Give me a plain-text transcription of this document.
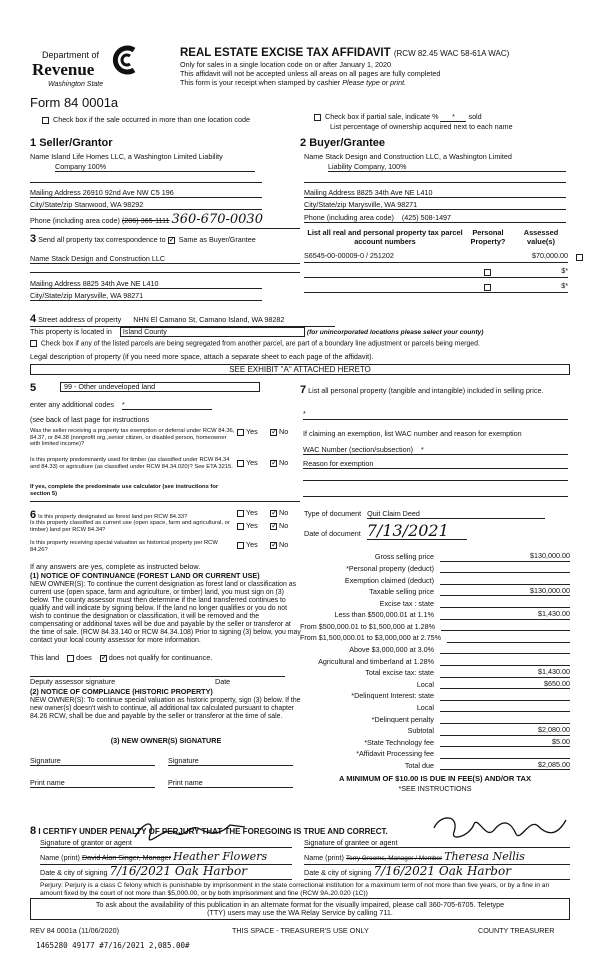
Department of
Revenue
Washington State
Form 84 0001a
REAL ESTATE EXCISE TAX AFFIDAVIT (RCW 82.45 WAC 58-61A WAC)
Only for sales in a single location code on or after January 1, 2020
This affidavit will not be accepted unless all areas on all pages are fully completed
This form is your receipt when stamped by cashier Please type or print.
Check box if the sale occurred in more than one location code	Check box if partial sale, indicate % * sold
List percentage of ownership acquired next to each name
1 Seller/Grantor
Name Island Life Homes LLC, a Washington Limited Liability
Company 100%
Mailing Address 26910 92nd Ave NW C5 196
City/State/zip Stanwood, WA 98292
Phone (including area code) (206) 365-1111 360-670-0030
2 Buyer/Grantee
Name Stack Design and Construction LLC, a Washington Limited
Liability Company, 100%
Mailing Address 8825 34th Ave NE L410
City/State/zip Marysville, WA 98271
Phone (including area code) (425) 508-1497
3 Send all property tax correspondence to ✓ Same as Buyer/Grantee
Name Stack Design and Construction LLC
Mailing Address 8825 34th Ave NE L410
City/State/zip Marysville, WA 98271
List all real and personal property tax parcel account numbers
Personal Property?
Assessed value(s)
S6545-00-00009-0 / 251202	$70,000.00
$*
$*
4 Street address of property NHN El Camano St, Camano Island, WA 98282
This property is located in Island County	(for unincorporated locations please select your county)
Check box if any of the listed parcels are being segregated from another parcel, are part of a boundary line adjustment or parcels being merged.
Legal description of property (if you need more space, attach a separate sheet to each page of the affidavit).
SEE EXHIBIT "A" ATTACHED HERETO
5	99 - Other undeveloped land
enter any additional codes *
(see back of last page for instructions
Was the seller receiving a property tax exemption or deferral under RCW 84.36, 84.37, or 84.38 (nonprofit org.,senior citizen, or disabled person, homeowner with limited income)?
Yes ✓	No
Is this property predominantly used for timber (as classified under RCW 84.34 and 84.33) or agriculture (as classified under RCW 84.34.020)? See ETA 3215.
If yes, complete the predominate use calculator (see instructions for section 5)
Yes ✓	No
7 List all personal property (tangible and intangible) included in selling price.
*
If claiming an exemption, list WAC number and reason for exemption
WAC Number (section/subsection) *
Reason for exemption
6 Is this property designated as forest land per RCW 84.33?	Yes ✓	No
Is this property classified as current use (open space, farm and agricultural, or timber) land per RCW 84.34?	Yes ✓	No
Is this property receiving special valuation as historical property per RCW 84.26?
Yes ✓	No
If any answers are yes, complete as instructed below.
(1) NOTICE OF CONTINUANCE (FOREST LAND OR CURRENT USE)
NEW OWNER(S): To continue the current designation as forest land or classification as current use (open space, farm and agriculture, or timber) land, you must sign on (3) below. The county assessor must then determine if the land transferred continues to qualify and will indicate by signing below. If the land no longer qualifies or you do not wish to continue the designation or classification, it will be removed and the compensating or additional taxes will be due and payable by the seller or transferor at the time of sale. (RCW 84.33.140 or RCW 84.34.108) Prior to signing (3) below, you may contact your local county assessor for more information.
This land does ✓ does not qualify for continuance.
Deputy assessor signature	Date
(2) NOTICE OF COMPLIANCE (HISTORIC PROPERTY)
NEW OWNER(S): To continue special valuation as historic property, sign (3) below. If the new owner(s) doesn't wish to continue, all additional tax calculated pursuant to chapter 84.26 RCW, shall be due and payable by the seller or transferor at the time of sale.
(3) NEW OWNER(S) SIGNATURE
Signature	Signature
Print name	Print name
Type of document Quit Claim Deed
Date of document 7/13/2021
Gross selling price	$130,000.00
*Personal property (deduct)
Exemption claimed (deduct)
Taxable selling price	$130,000.00
Excise tax : state
Less than $500,000.01 at 1.1%	$1,430.00
From $500,000.01 to $1,500,000 at 1.28%
From $1,500,000.01 to $3,000,000 at 2.75%
Above $3,000,000 at 3.0%
Agricultural and timberland at 1.28%
Total excise tax: state	$1,430.00
Local	$650.00
*Delinquent Interest: state
Local
*Delinquent penalty
Subtotal	$2,080.00
*State Technology fee	$5.00
*Affidavit Processing fee
Total due	$2,085.00
A MINIMUM OF $10.00 IS DUE IN FEE(S) AND/OR TAX
*SEE INSTRUCTIONS
8 I CERTIFY UNDER PENALTY OF PERJURY THAT THE FOREGOING IS TRUE AND CORRECT.
Signature of grantor or agent	Signature of grantee or agent
Name (print) David Alan Singer, Manager Heather Flowers	Name (print) Terry Grooms, Manager / Member Theresa Nellis
Date & city of signing 7/16/2021 Oak Harbor	Date & city of signing 7/16/2021 Oak Harbor
Perjury: Perjury is a class C felony which is punishable by imprisonment in the state correctional institution for a maximum term of not more than five years, or by a fine in an amount fixed by the court of not more than $5,000.00, or by both imprisonment and fine (RCW 9A.20.020 (1C))
To ask about the availability of this publication in an alternate format for the visually impaired, please call 360-705-6705. Teletype
(TTY) users may use the WA Relay Service by calling 711.
REV 84 0001a (11/06/2020)	THIS SPACE - TREASURER'S USE ONLY	COUNTY TREASURER
1465280 49177 #7/16/2021 2,085.00#
